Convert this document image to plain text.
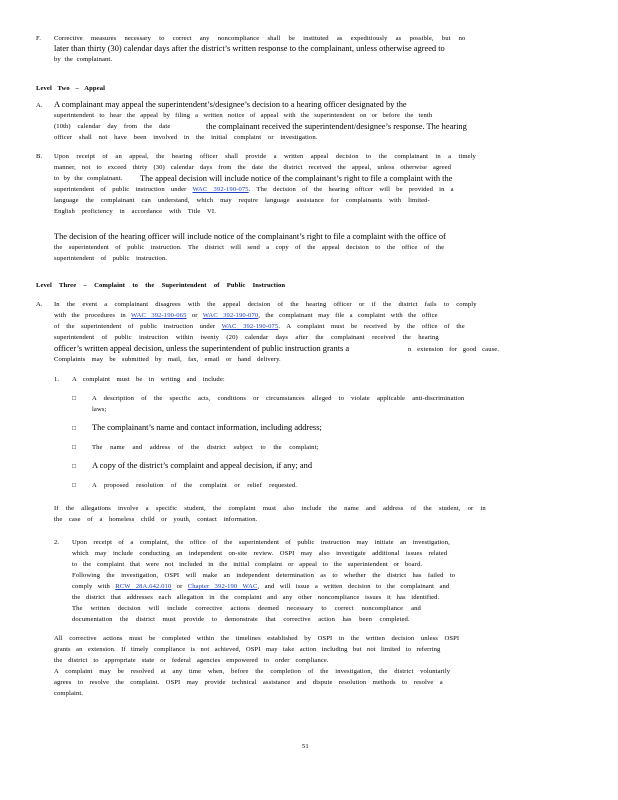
F. Corrective measures necessary to correct any noncompliance shall be instituted as expeditiously as possible, but no
later than thirty (30) calendar days after the district’s written response to the complainant, unless otherwise agreed to
by the complainant.
Level Two – Appeal
A. A complainant may appeal the superintendent’s/designee’s decision to a hearing officer designated by the
superintendent to hear the appeal by filing a written notice of appeal with the superintendent on or before the tenth
(10th) calendar day from the date	the complainant received the superintendent/designee’s response. The hearing
officer shall not have been involved in the initial complaint or investigation.
B. Upon receipt of an appeal, the hearing officer shall provide a written appeal decision to the complainant in a timely
manner, not to exceed thirty (30) calendar days from the date the district received the appeal, unless otherwise agreed
to by the complainant. The appeal decision will include notice of the complainant’s right to file a complaint with the
superintendent of public instruction under WAC 392-190-075. The decision of the hearing officer will be provided in a
language the complainant can understand, which may require language assistance for complainants with limited-
English proficiency in accordance with Title VI.
The decision of the hearing officer will include notice of the complainant’s right to file a complaint with the office of
the superintendent of public instruction. The district will send a copy of the appeal decision to the office of the
superintendent of public instruction.
Level Three – Complaint to the Superintendent of Public Instruction
A. In the event a complainant disagrees with the appeal decision of the hearing officer or if the district fails to comply
with the procedures in WAC 392-190-065 or WAC 392-190-070, the complainant may file a complaint with the office
of the superintendent of public instruction under WAC 392-190-075. A complaint must be received by the office of the
superintendent of public instruction within twenty (20) calendar days after the complainant received the hearing
officer’s written appeal decision, unless the superintendent of public instruction grants a	n extension for good cause.
Complaints may be submitted by mail, fax, email or hand delivery.
1. A complaint must be in writing and include:
□ A description of the specific acts, conditions or circumstances alleged to violate applicable anti-discrimination
laws;
□ The complainant’s name and contact information, including address;
□ The name and address of the district subject to the complaint;
□ A copy of the district’s complaint and appeal decision, if any; and
□ A proposed resolution of the complaint or relief requested.
If the allegations involve a specific student, the complaint must also include the name and address of the student, or in
the case of a homeless child or youth, contact information.
2. Upon receipt of a complaint, the office of the superintendent of public instruction may initiate an investigation,
which may include conducting an independent on-site review. OSPI may also investigate additional issues related
to the complaint that were not included in the initial complaint or appeal to the superintendent or board.
Following the investigation, OSPI will make an independent determination as to whether the district has failed to
comply with RCW 28A.642.010 or Chapter 392-190 WAC, and will issue a written decision to the complainant and
the district that addresses each allegation in the complaint and any other noncompliance issues it has identified.
The written decision will include corrective actions deemed necessary to correct noncompliance and
documentation the district must provide to demonstrate that corrective action has been completed.
All corrective actions must be completed within the timelines established by OSPI in the written decision unless OSPI
grants an extension. If timely compliance is not achieved, OSPI may take action including but not limited to referring
the district to appropriate state or federal agencies empowered to order compliance.
A complaint may be resolved at any time when, before the completion of the investigation, the district voluntarily
agrees to resolve the complaint. OSPI may provide technical assistance and dispute resolution methods to resolve a
complaint.
51
